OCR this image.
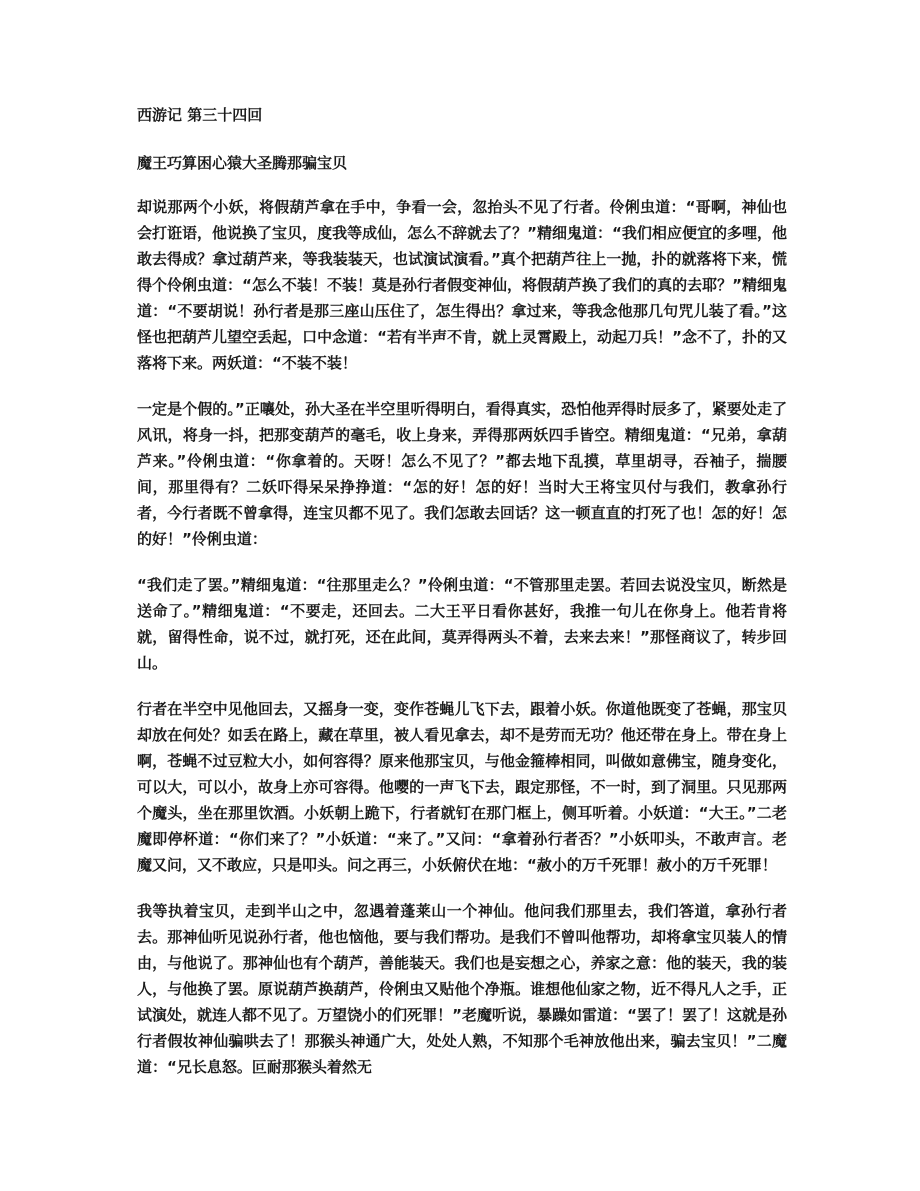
西游记 第三十四回
魔王巧算困心猿大圣腾那骗宝贝

却说那两个小妖，将假葫芦拿在手中，争看一会，忽抬头不见了行者。伶俐虫道：“哥啊，神仙也会打诳语，他说换了宝贝，度我等成仙，怎么不辞就去了？”精细鬼道：“我们相应便宜的多哩，他敢去得成？拿过葫芦来，等我装装天，也试演试演看。”真个把葫芦往上一抛，扑的就落将下来，慌得个伶俐虫道：“怎么不装！不装！莫是孙行者假变神仙，将假葫芦换了我们的真的去耶？”精细鬼道：“不要胡说！孙行者是那三座山压住了，怎生得出？拿过来，等我念他那几句咒儿装了看。”这怪也把葫芦儿望空丢起，口中念道：“若有半声不肯，就上灵霄殿上，动起刀兵！”念不了，扑的又落将下来。两妖道：“不装不装！

一定是个假的。”正嚷处，孙大圣在半空里听得明白，看得真实，恐怕他弄得时辰多了，紧要处走了风讯，将身一抖，把那变葫芦的毫毛，收上身来，弄得那两妖四手皆空。精细鬼道：“兄弟，拿葫芦来。”伶俐虫道：“你拿着的。天呀！怎么不见了？”都去地下乱摸，草里胡寻，吞袖子，揣腰间，那里得有？二妖吓得呆呆挣挣道：“怎的好！怎的好！当时大王将宝贝付与我们，教拿孙行者，今行者既不曾拿得，连宝贝都不见了。我们怎敢去回话？这一顿直直的打死了也！怎的好！怎的好！”伶俐虫道：

“我们走了罢。”精细鬼道：“往那里走么？”伶俐虫道：“不管那里走罢。若回去说没宝贝，断然是送命了。”精细鬼道：“不要走，还回去。二大王平日看你甚好，我推一句儿在你身上。他若肯将就，留得性命，说不过，就打死，还在此间，莫弄得两头不着，去来去来！”那怪商议了，转步回山。

行者在半空中见他回去，又摇身一变，变作苍蝇儿飞下去，跟着小妖。你道他既变了苍蝇，那宝贝却放在何处？如丢在路上，藏在草里，被人看见拿去，却不是劳而无功？他还带在身上。带在身上啊，苍蝇不过豆粒大小，如何容得？原来他那宝贝，与他金箍棒相同，叫做如意佛宝，随身变化，可以大，可以小，故身上亦可容得。他嘤的一声飞下去，跟定那怪，不一时，到了洞里。只见那两个魔头，坐在那里饮酒。小妖朝上跪下，行者就钉在那门框上，侧耳听着。小妖道：“大王。”二老魔即停杯道：“你们来了？”小妖道：“来了。”又问：“拿着孙行者否？”小妖叩头，不敢声言。老魔又问，又不敢应，只是叩头。问之再三，小妖俯伏在地：“赦小的万千死罪！赦小的万千死罪！

我等执着宝贝，走到半山之中，忽遇着蓬莱山一个神仙。他问我们那里去，我们答道，拿孙行者去。那神仙听见说孙行者，他也恼他，要与我们帮功。是我们不曾叫他帮功，却将拿宝贝装人的情由，与他说了。那神仙也有个葫芦，善能装天。我们也是妄想之心，养家之意：他的装天，我的装人，与他换了罢。原说葫芦换葫芦，伶俐虫又贴他个净瓶。谁想他仙家之物，近不得凡人之手，正试演处，就连人都不见了。万望饶小的们死罪！”老魔听说，暴躁如雷道：“罢了！罢了！这就是孙行者假妆神仙骗哄去了！那猴头神通广大，处处人熟，不知那个毛神放他出来，骗去宝贝！”二魔道：“兄长息怒。叵耐那猴头着然无
